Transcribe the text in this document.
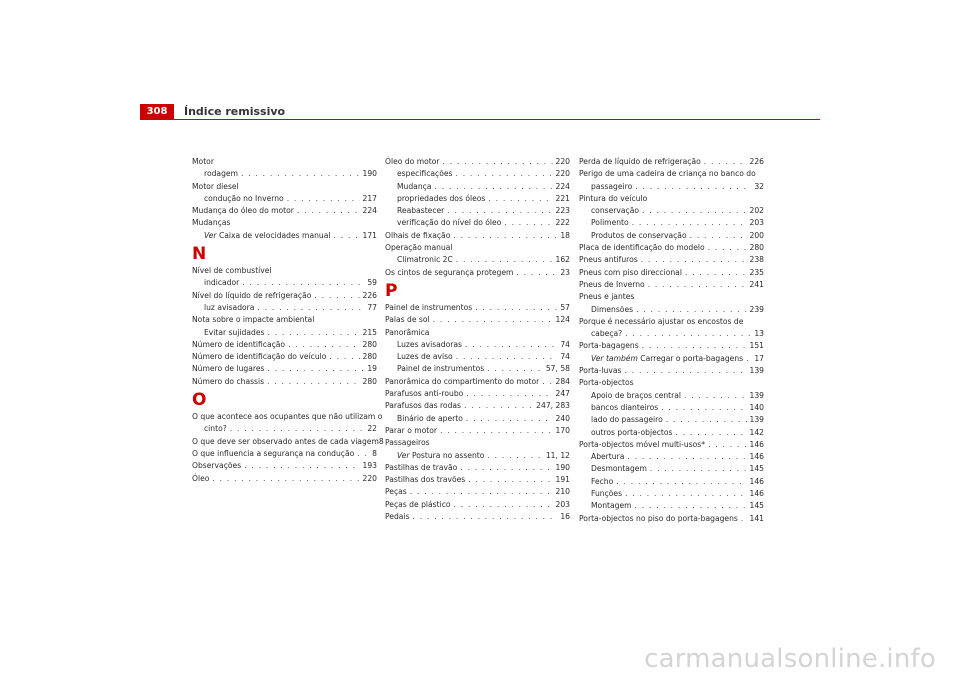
308	Índice remissivo
Motor
rodagem . . .	190
Motor diesel
condução no Inverno . . .	217
Mudança do óleo do motor . . .	224
Mudanças
Ver Caixa de velocidades manual . . .	171
N
Nível de combustível
indicador . . .	59
Nível do líquido de refrigeração . . .	226
luz avisadora . . .	77
Nota sobre o impacte ambiental
Evitar sujidades . . .	215
Número de identificação . . .	280
Número de identificação do veículo . . .	280
Número de lugares . . .	19
Número do chassis . . .	280
O
O que acontece aos ocupantes que não utilizam o
cinto? . . .	22
O que deve ser observado antes de cada viagem 8
O que influencia a segurança na condução . . . 8
Observações . . .	193
Óleo . . .	220
Óleo do motor . . .	220
especificações . . .	220
Mudança . . .	224
propriedades dos óleos . . .	221
Reabastecer . . .	223
verificação do nível do óleo . . .	222
Olhais de fixação . . .	18
Operação manual
Climatronic 2C . . .	162
Os cintos de segurança protegem . . .	23
P
Painel de instrumentos . . .	57
Palas de sol . . .	124
Panorâmica
Luzes avisadoras . . .	74
Luzes de aviso . . .	74
Painel de instrumentos . . .	57, 58
Panorâmica do compartimento do motor . . . 284
Parafusos anti-roubo . . .	247
Parafusos das rodas . . .	247, 283
Binário de aperto . . .	240
Parar o motor . . .	170
Passageiros
Ver Postura no assento . . .	11, 12
Pastilhas de travão . . .	190
Pastilhas dos travões . . .	191
Peças . . .	210
Peças de plástico . . .	203
Pedais . . .	16
Perda de líquido de refrigeração . . .	226
Perigo de uma cadeira de criança no banco do
passageiro . . .	32
Pintura do veículo
conservação . . .	202
Polimento . . .	203
Produtos de conservação . . .	200
Placa de identificação do modelo . . .	280
Pneus antifuros . . .	238
Pneus com piso direccional . . .	235
Pneus de Inverno . . .	241
Pneus e jantes
Dimensões . . .	239
Porque é necessário ajustar os encostos de
cabeça? . . .	13
Porta-bagagens . . .	151
Ver também Carregar o porta-bagagens . . . 17
Porta-luvas . . .	139
Porta-objectos
Apoio de braços central . . .	139
bancos dianteiros . . .	140
lado do passageiro . . .	139
outros porta-objectos . . .	142
Porta-objectos móvel multi-usos* . . .	146
Abertura . . .	146
Desmontagem . . .	145
Fecho . . .	146
Funções . . .	146
Montagem . . .	145
Porta-objectos no piso do porta-bagagens . . . 141
carmanualsonline.info
